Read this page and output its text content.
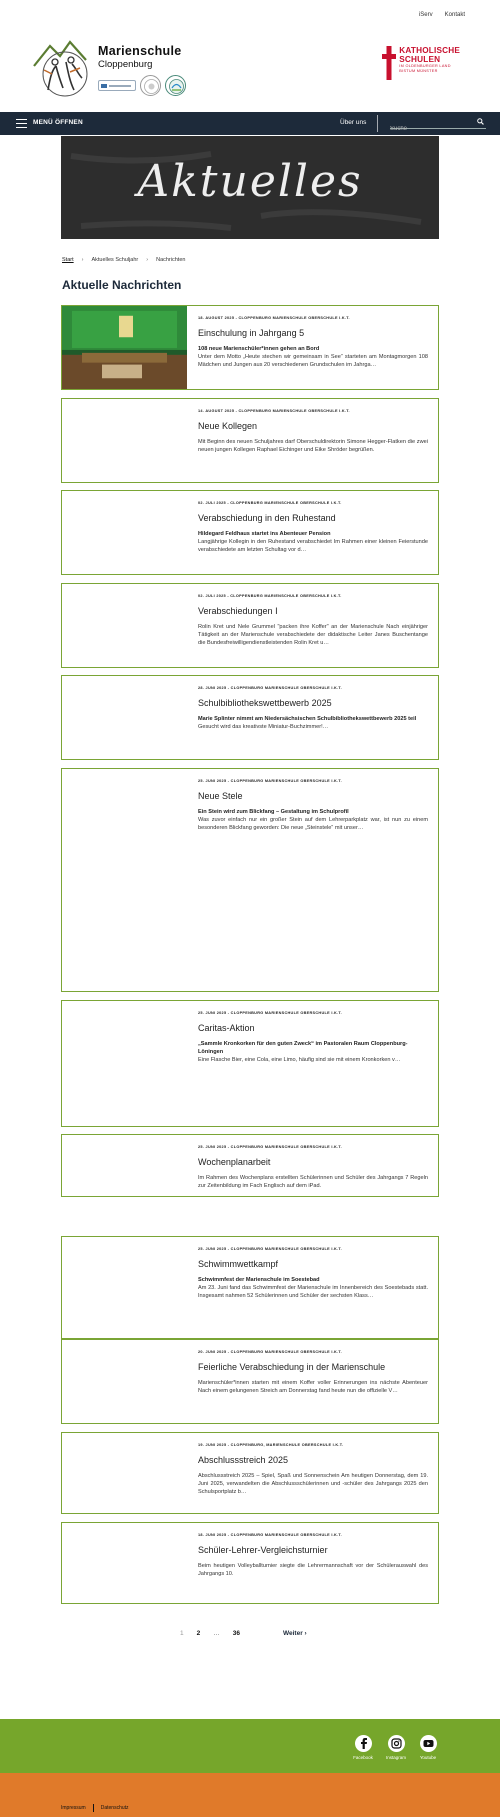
iServ Kontakt
Marienschule
Cloppenburg
KATHOLISCHE
SCHULEN
IM OLDENBURGER LAND
BISTUM MÜNSTER
MENÜ ÖFFNEN	Über uns
Suche
Aktuelles
Start › Aktuelles Schuljahr › Nachrichten
Aktuelle Nachrichten
18. AUGUST 2025 - CLOPPENBURG MARIENSCHULE OBERSCHULE I.K.T.
Einschulung in Jahrgang 5
108 neue Marienschüler*innen gehen an Bord
Unter dem Motto „Heute stechen wir gemeinsam in See“ starteten am Montagmorgen 108 Mädchen und Jungen aus 20 verschiedenen Grundschulen im Jahrga…
14. AUGUST 2025 - CLOPPENBURG MARIENSCHULE OBERSCHULE I.K.T.
Neue Kollegen
Mit Beginn des neuen Schuljahres darf Oberschuldirektorin Simone Hegger-Flatken die zwei neuen jungen Kollegen Raphael Eichinger und Eike Shröder begrüßen.
02. JULI 2025 - CLOPPENBURG MARIENSCHULE OBERSCHULE I.K.T.
Verabschiedung in den Ruhestand
Hildegard Feldhaus startet ins Abenteuer Pension
Langjährige Kollegin in den Ruhestand verabschiedet Im Rahmen einer kleinen Feierstunde verabschiedete am letzten Schultag vor d…
02. JULI 2025 - CLOPPENBURG MARIENSCHULE OBERSCHULE I.K.T.
Verabschiedungen I
Rolin Kret und Nele Grummel "packen ihre Koffer" an der Marienschule Nach einjähriger Tätigkeit an der Marienschule verabschiedete der didaktische Leiter Janes Buschentange die Bundesfreiwilligendienstleistenden Rolin Kret u…
28. JUNI 2025 - CLOPPENBURG MARIENSCHULE OBERSCHULE I.K.T.
Schulbibliothekswettbewerb 2025
Marie Splinter nimmt am Niedersächsischen Schulbibliothekswettbewerb 2025 teil
Gesucht wird das kreativste Miniatur-Buchzimmer!…
25. JUNI 2025 - CLOPPENBURG MARIENSCHULE OBERSCHULE I.K.T.
Neue Stele
Ein Stein wird zum Blickfang – Gestaltung im Schulprofil
Was zuvor einfach nur ein großer Stein auf dem Lehrerparkplatz war, ist nun zu einem besonderen Blickfang geworden: Die neue „Steinstele“ mit unser…
25. JUNI 2025 - CLOPPENBURG MARIENSCHULE OBERSCHULE I.K.T.
Caritas-Aktion
„Sammle Kronkorken für den guten Zweck“ im Pastoralen Raum Cloppenburg-Löningen
Eine Flasche Bier, eine Cola, eine Limo, häufig sind sie mit einem Kronkorken v…
25. JUNI 2025 - CLOPPENBURG MARIENSCHULE OBERSCHULE I.K.T.
Wochenplanarbeit
Im Rahmen des Wochenplans erstellten Schülerinnen und Schüler des Jahrgangs 7 Regeln zur Zeitenbildung im Fach Englisch auf dem iPad.
25. JUNI 2025 - CLOPPENBURG MARIENSCHULE OBERSCHULE I.K.T.
Schwimmwettkampf
Schwimmfest der Marienschule im Soestebad
Am 23. Juni fand das Schwimmfest der Marienschule im Innenbereich des Soestebads statt. Insgesamt nahmen 52 Schülerinnen und Schüler der sechsten Klass…
20. JUNI 2025 - CLOPPENBURG MARIENSCHULE OBERSCHULE I.K.T.
Feierliche Verabschiedung in der Marienschule
Marienschüler*innen starten mit einem Koffer voller Erinnerungen ins nächste Abenteuer Nach einem gelungenen Streich am Donnerstag fand heute nun die offizielle V…
19. JUNI 2025 - CLOPPENBURG, MARIENSCHULE OBERSCHULE I.K.T.
Abschlussstreich 2025
Abschlussstreich 2025 – Spiel, Spaß und Sonnenschein Am heutigen Donnerstag, dem 19. Juni 2025, verwandelten die Abschlussschülerinnen und -schüler des Jahrgangs 2025 den Schulsportplatz b…
18. JUNI 2025 - CLOPPENBURG MARIENSCHULE OBERSCHULE I.K.T.
Schüler-Lehrer-Vergleichsturnier
Beim heutigen Volleyballturnier siegte die Lehrermannschaft vor der Schülerauswahl des Jahrgangs 10.
1 2 … 36	Weiter ›
Facebook	Instagram	Youtube
Impressum	Datenschutz
